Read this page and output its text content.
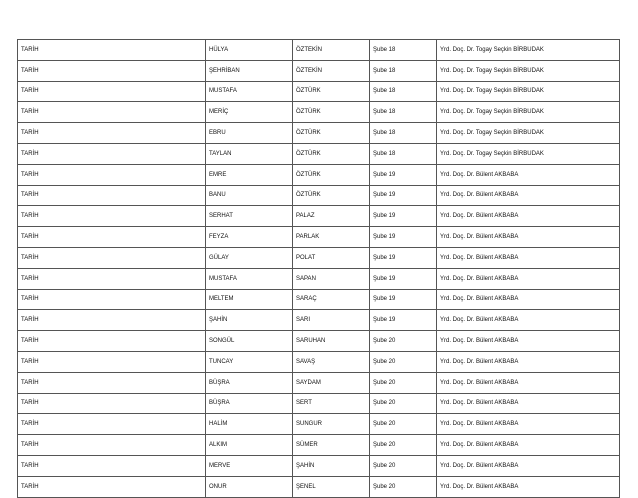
TARİH	HÜLYA	ÖZTEKİN	Şube 18	Yrd. Doç. Dr. Togay Seçkin BİRBUDAK
TARİH	ŞEHRİBAN	ÖZTEKİN	Şube 18	Yrd. Doç. Dr. Togay Seçkin BİRBUDAK
TARİH	MUSTAFA	ÖZTÜRK	Şube 18	Yrd. Doç. Dr. Togay Seçkin BİRBUDAK
TARİH	MERİÇ	ÖZTÜRK	Şube 18	Yrd. Doç. Dr. Togay Seçkin BİRBUDAK
TARİH	EBRU	ÖZTÜRK	Şube 18	Yrd. Doç. Dr. Togay Seçkin BİRBUDAK
TARİH	TAYLAN	ÖZTÜRK	Şube 18	Yrd. Doç. Dr. Togay Seçkin BİRBUDAK
TARİH	EMRE	ÖZTÜRK	Şube 19	Yrd. Doç. Dr. Bülent AKBABA
TARİH	BANU	ÖZTÜRK	Şube 19	Yrd. Doç. Dr. Bülent AKBABA
TARİH	SERHAT	PALAZ	Şube 19	Yrd. Doç. Dr. Bülent AKBABA
TARİH	FEYZA	PARLAK	Şube 19	Yrd. Doç. Dr. Bülent AKBABA
TARİH	GÜLAY	POLAT	Şube 19	Yrd. Doç. Dr. Bülent AKBABA
TARİH	MUSTAFA	SAPAN	Şube 19	Yrd. Doç. Dr. Bülent AKBABA
TARİH	MELTEM	SARAÇ	Şube 19	Yrd. Doç. Dr. Bülent AKBABA
TARİH	ŞAHİN	SARI	Şube 19	Yrd. Doç. Dr. Bülent AKBABA
TARİH	SONGÜL	SARUHAN	Şube 20	Yrd. Doç. Dr. Bülent AKBABA
TARİH	TUNCAY	SAVAŞ	Şube 20	Yrd. Doç. Dr. Bülent AKBABA
TARİH	BÜŞRA	SAYDAM	Şube 20	Yrd. Doç. Dr. Bülent AKBABA
TARİH	BÜŞRA	SERT	Şube 20	Yrd. Doç. Dr. Bülent AKBABA
TARİH	HALİM	SUNGUR	Şube 20	Yrd. Doç. Dr. Bülent AKBABA
TARİH	ALKIM	SÜMER	Şube 20	Yrd. Doç. Dr. Bülent AKBABA
TARİH	MERVE	ŞAHİN	Şube 20	Yrd. Doç. Dr. Bülent AKBABA
TARİH	ONUR	ŞENEL	Şube 20	Yrd. Doç. Dr. Bülent AKBABA
